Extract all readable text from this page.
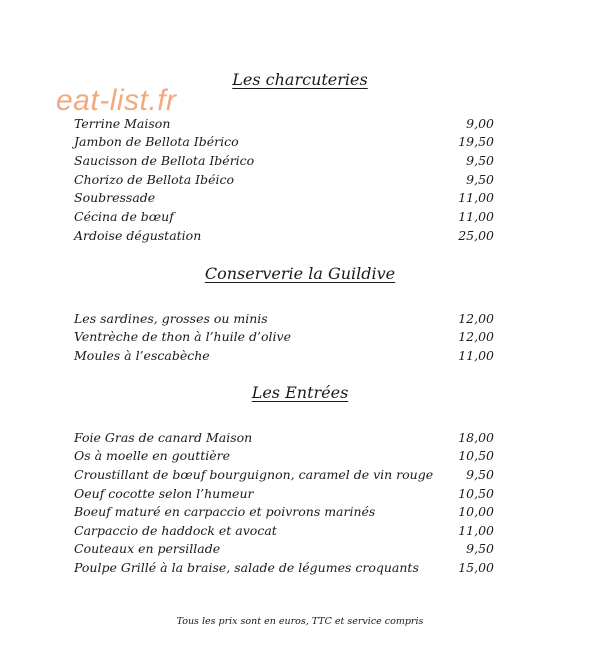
eat-list.fr
Les charcuteries
Terrine Maison	9,00
Jambon de Bellota Ibérico	19,50
Saucisson de Bellota Ibérico	9,50
Chorizo de Bellota Ibéico	9,50
Soubressade	11,00
Cécina de bœuf	11,00
Ardoise dégustation	25,00
Conserverie la Guildive
Les sardines, grosses ou minis	12,00
Ventrèche de thon à l’huile d’olive	12,00
Moules à l’escabèche	11,00
Les Entrées
Foie Gras de canard Maison	18,00
Os à moelle en gouttière	10,50
Croustillant de bœuf bourguignon, caramel de vin rouge	9,50
Oeuf cocotte selon l’humeur	10,50
Boeuf maturé en carpaccio et poivrons marinés	10,00
Carpaccio de haddock et avocat	11,00
Couteaux en persillade	9,50
Poulpe Grillé à la braise, salade de légumes croquants	15,00
Tous les prix sont en euros, TTC et service compris
